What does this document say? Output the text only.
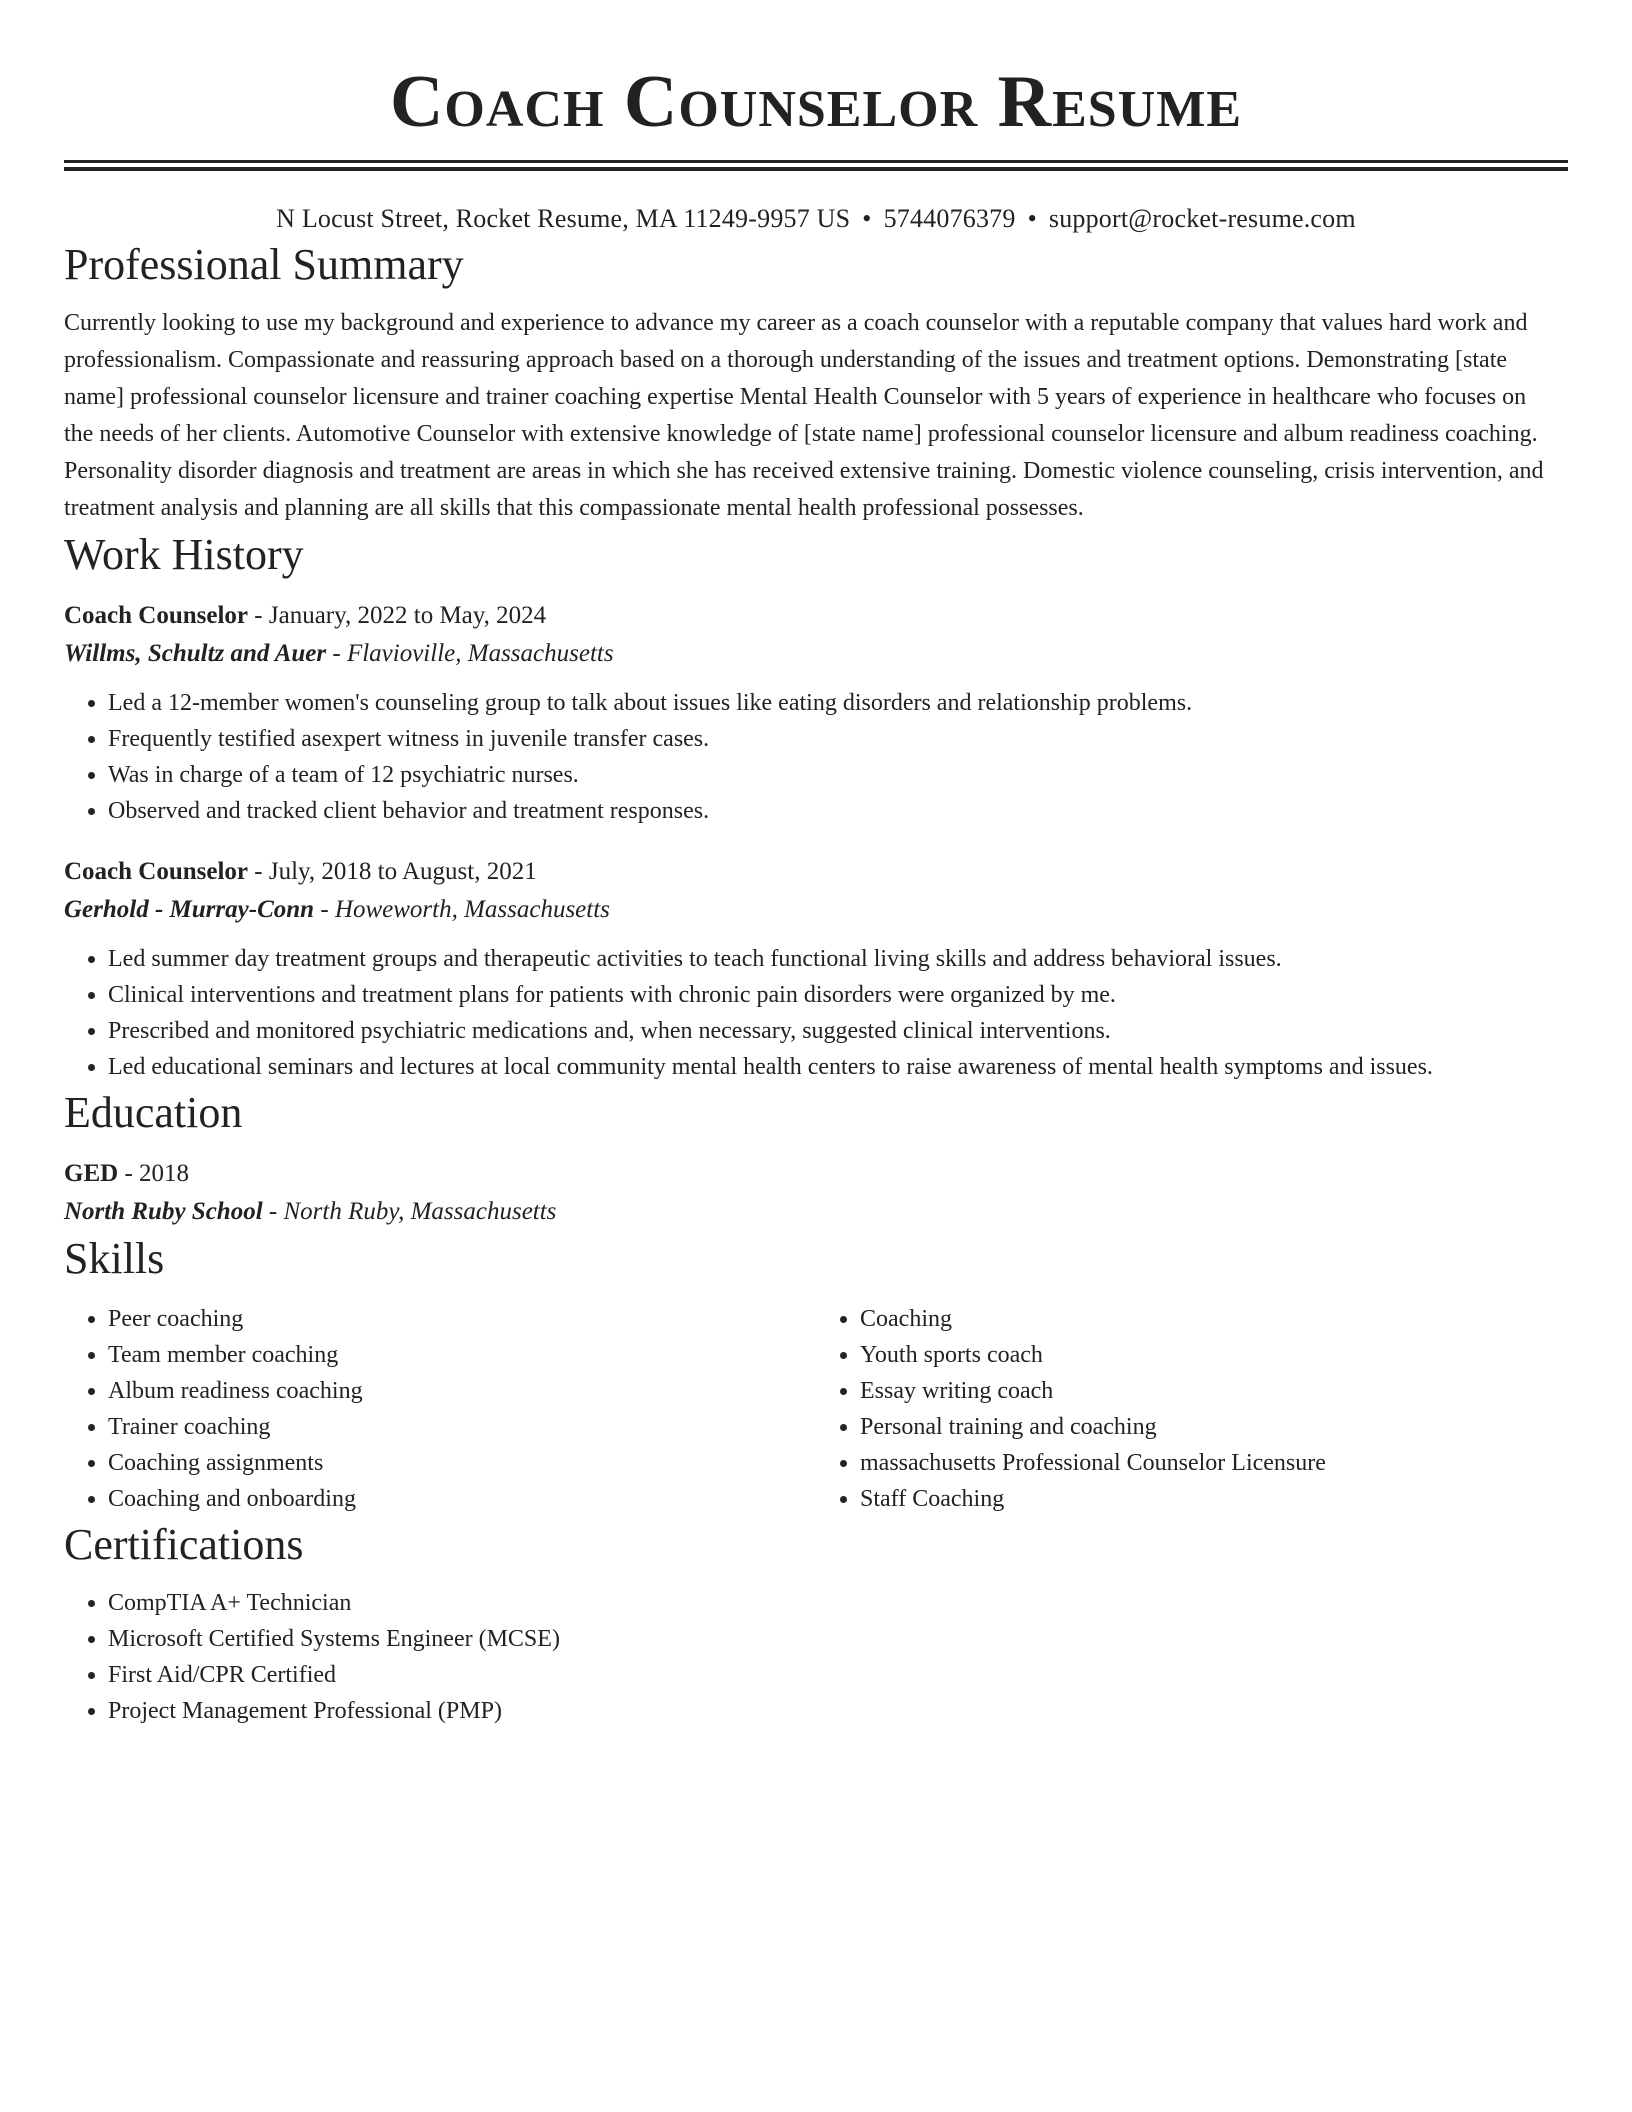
Coach Counselor Resume
N Locust Street, Rocket Resume, MA 11249-9957 US • 5744076379 • support@rocket-resume.com
Professional Summary

Currently looking to use my background and experience to advance my career as a coach counselor with a reputable company that values hard work and professionalism. Compassionate and reassuring approach based on a thorough understanding of the issues and treatment options. Demonstrating [state name] professional counselor licensure and trainer coaching expertise Mental Health Counselor with 5 years of experience in healthcare who focuses on the needs of her clients. Automotive Counselor with extensive knowledge of [state name] professional counselor licensure and album readiness coaching. Personality disorder diagnosis and treatment are areas in which she has received extensive training. Domestic violence counseling, crisis intervention, and treatment analysis and planning are all skills that this compassionate mental health professional possesses.

Work History
Coach Counselor - January, 2022 to May, 2024
Willms, Schultz and Auer - Flavioville, Massachusetts
• Led a 12-member women's counseling group to talk about issues like eating disorders and relationship problems.
• Frequently testified asexpert witness in juvenile transfer cases.
• Was in charge of a team of 12 psychiatric nurses.
• Observed and tracked client behavior and treatment responses.
Coach Counselor - July, 2018 to August, 2021
Gerhold - Murray-Conn - Howeworth, Massachusetts
• Led summer day treatment groups and therapeutic activities to teach functional living skills and address behavioral issues.
• Clinical interventions and treatment plans for patients with chronic pain disorders were organized by me.
• Prescribed and monitored psychiatric medications and, when necessary, suggested clinical interventions.
• Led educational seminars and lectures at local community mental health centers to raise awareness of mental health symptoms and issues.
Education
GED - 2018
North Ruby School - North Ruby, Massachusetts
Skills
• Peer coaching
• Team member coaching
• Album readiness coaching
• Trainer coaching
• Coaching assignments
• Coaching and onboarding
• Coaching
• Youth sports coach
• Essay writing coach
• Personal training and coaching
• massachusetts Professional Counselor Licensure
• Staff Coaching
Certifications
• CompTIA A+ Technician
• Microsoft Certified Systems Engineer (MCSE)
• First Aid/CPR Certified
• Project Management Professional (PMP)
